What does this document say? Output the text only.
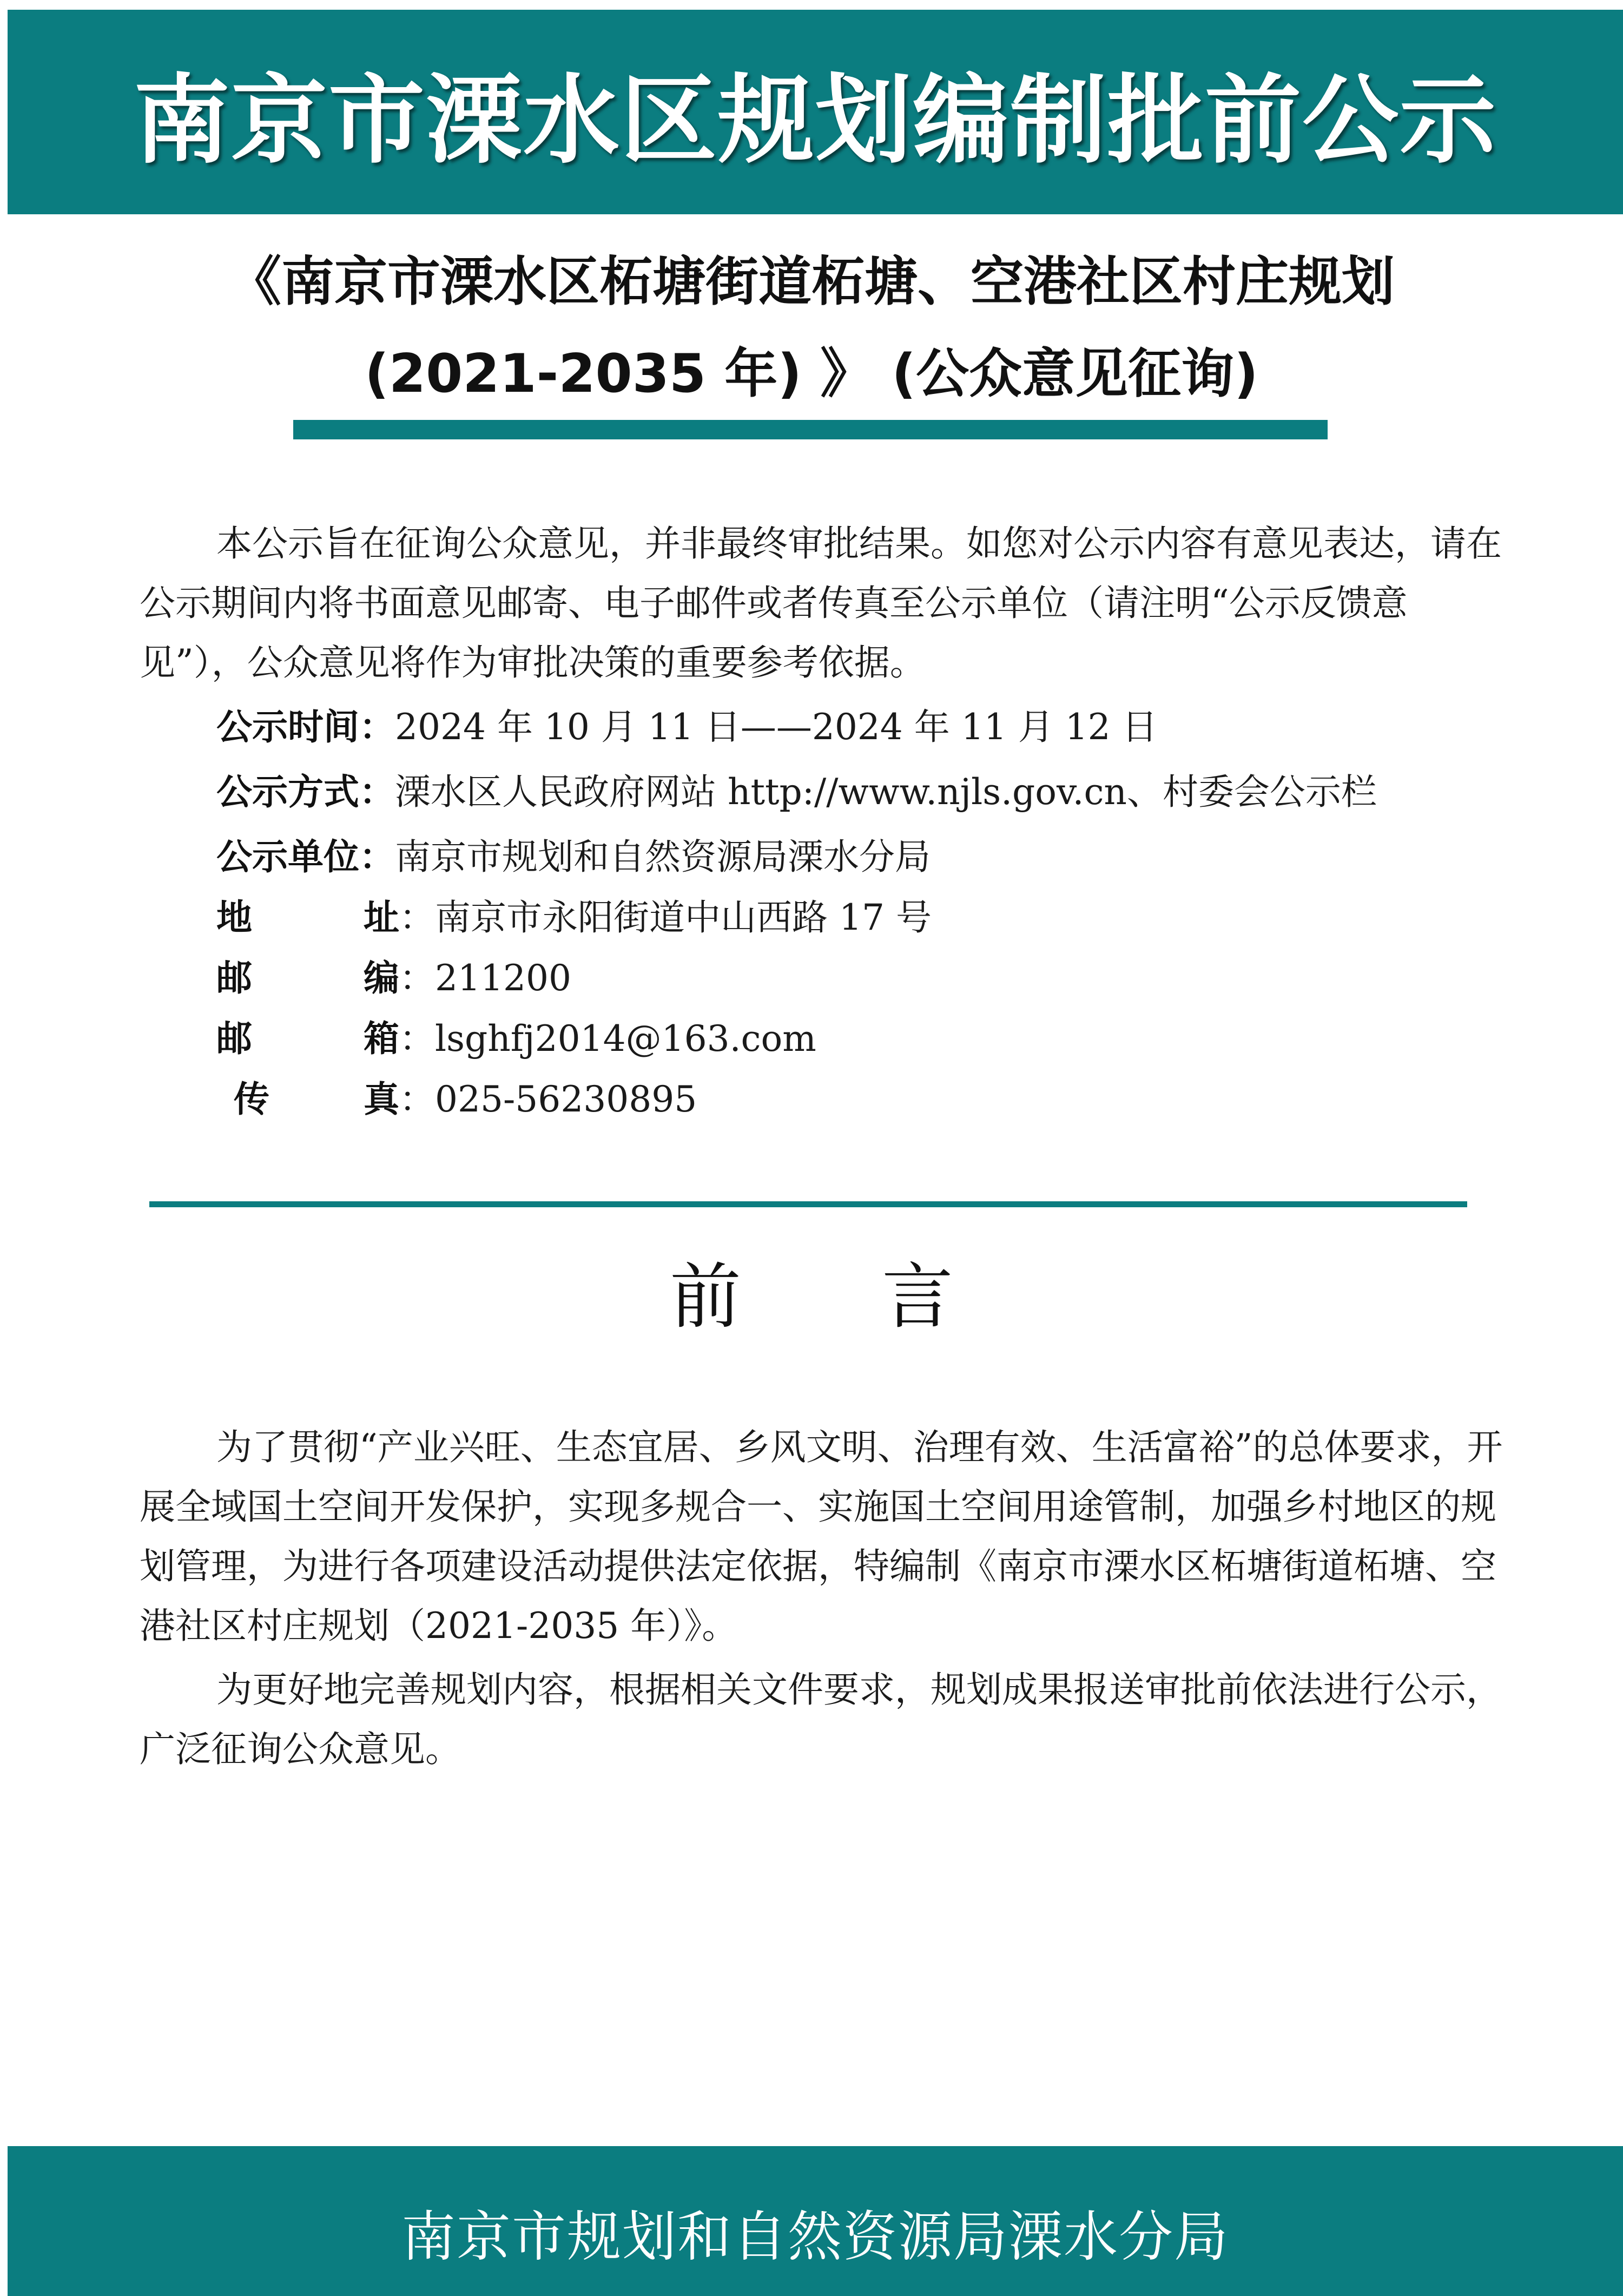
南京市溧水区规划编制批前公示
《南京市溧水区柘塘街道柘塘、空港社区村庄规划
(2021-2035 年) 》 (公众意见征询)
本公示旨在征询公众意见，并非最终审批结果。如您对公示内容有意见表达，请在公示期间内将书面意见邮寄、电子邮件或者传真至公示单位（请注明“公示反馈意见”），公众意见将作为审批决策的重要参考依据。
公示时间：2024 年 10 月 11 日——2024 年 11 月 12 日
公示方式：溧水区人民政府网站 http://www.njls.gov.cn、村委会公示栏
公示单位：南京市规划和自然资源局溧水分局
地 址：南京市永阳街道中山西路 17 号
邮 编：211200
邮 箱：lsghfj2014@163.com
传 真：025-56230895
前 言
为了贯彻“产业兴旺、生态宜居、乡风文明、治理有效、生活富裕”的总体要求，开展全域国土空间开发保护，实现多规合一、实施国土空间用途管制，加强乡村地区的规划管理，为进行各项建设活动提供法定依据，特编制《南京市溧水区柘塘街道柘塘、空港社区村庄规划（2021-2035 年）》。
为更好地完善规划内容，根据相关文件要求，规划成果报送审批前依法进行公示，广泛征询公众意见。
南京市规划和自然资源局溧水分局
